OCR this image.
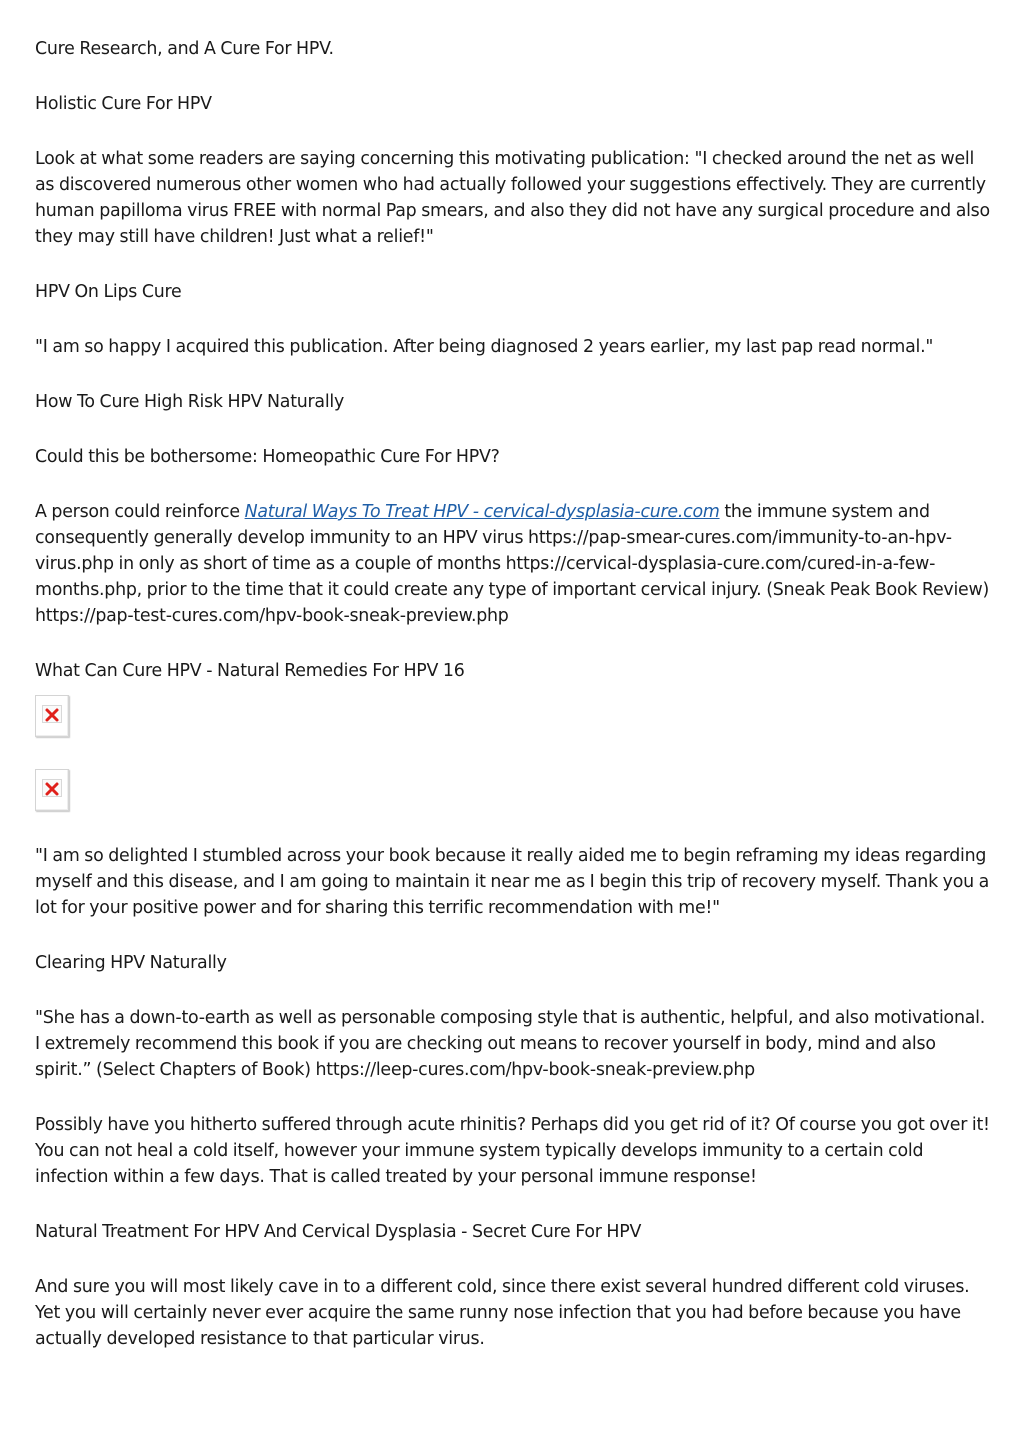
Cure Research, and A Cure For HPV.
Holistic Cure For HPV
Look at what some readers are saying concerning this motivating publication: "I checked around the net as well as discovered numerous other women who had actually followed your suggestions effectively. They are currently human papilloma virus FREE with normal Pap smears, and also they did not have any surgical procedure and also they may still have children! Just what a relief!"
HPV On Lips Cure
"I am so happy I acquired this publication. After being diagnosed 2 years earlier, my last pap read normal."
How To Cure High Risk HPV Naturally
Could this be bothersome: Homeopathic Cure For HPV?
A person could reinforce Natural Ways To Treat HPV - cervical-dysplasia-cure.com the immune system and consequently generally develop immunity to an HPV virus https://pap-smear-cures.com/immunity-to-an-hpv-virus.php in only as short of time as a couple of months https://cervical-dysplasia-cure.com/cured-in-a-few-months.php, prior to the time that it could create any type of important cervical injury. (Sneak Peak Book Review) https://pap-test-cures.com/hpv-book-sneak-preview.php
What Can Cure HPV - Natural Remedies For HPV 16
"I am so delighted I stumbled across your book because it really aided me to begin reframing my ideas regarding myself and this disease, and I am going to maintain it near me as I begin this trip of recovery myself. Thank you a lot for your positive power and for sharing this terrific recommendation with me!"
Clearing HPV Naturally
"She has a down-to-earth as well as personable composing style that is authentic, helpful, and also motivational. I extremely recommend this book if you are checking out means to recover yourself in body, mind and also spirit.” (Select Chapters of Book) https://leep-cures.com/hpv-book-sneak-preview.php
Possibly have you hitherto suffered through acute rhinitis? Perhaps did you get rid of it? Of course you got over it! You can not heal a cold itself, however your immune system typically develops immunity to a certain cold infection within a few days. That is called treated by your personal immune response!
Natural Treatment For HPV And Cervical Dysplasia - Secret Cure For HPV
And sure you will most likely cave in to a different cold, since there exist several hundred different cold viruses. Yet you will certainly never ever acquire the same runny nose infection that you had before because you have actually developed resistance to that particular virus.
